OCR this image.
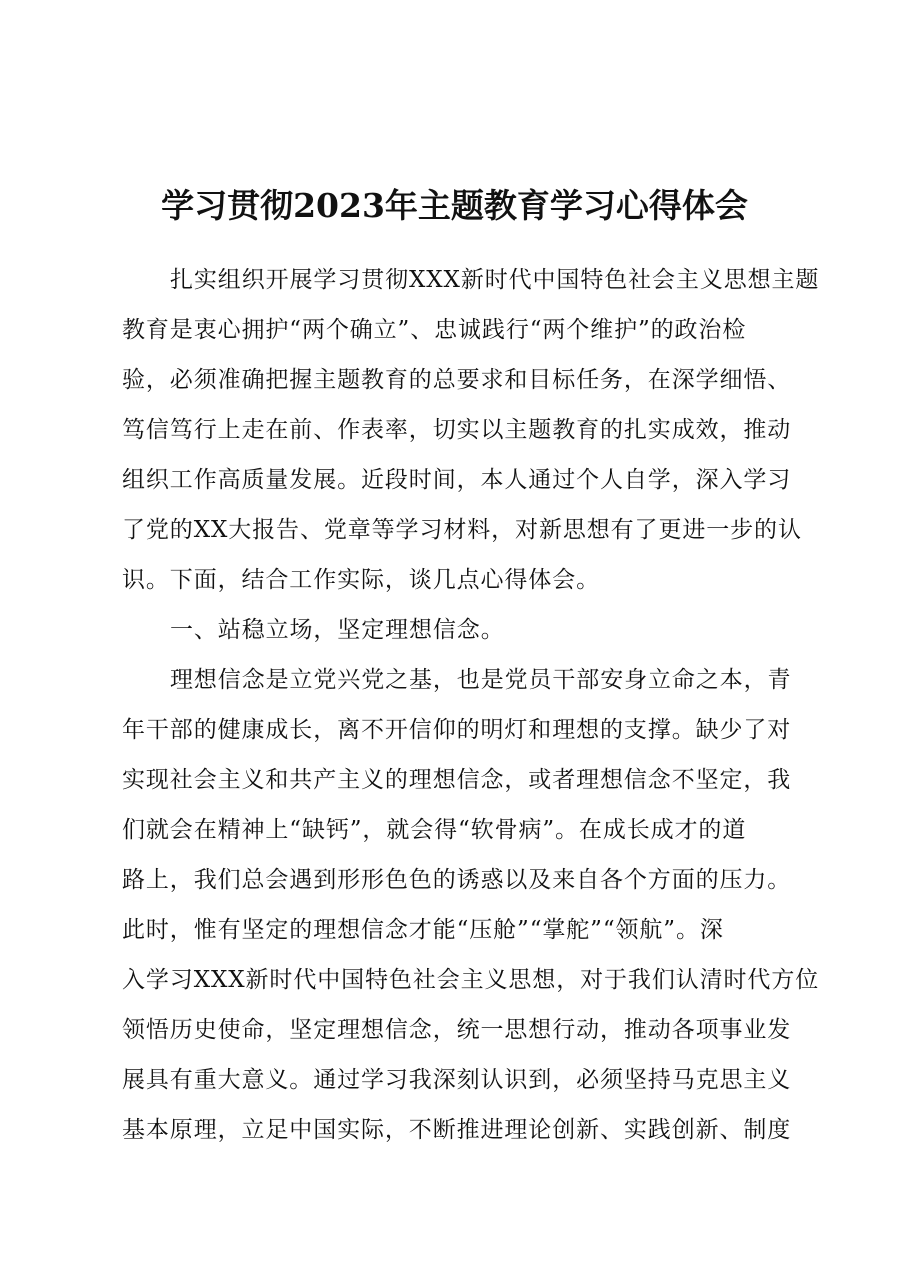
学习贯彻2023年主题教育学习心得体会
扎实组织开展学习贯彻XXX新时代中国特色社会主义思想主题
教育是衷心拥护“两个确立”、忠诚践行“两个维护”的政治检
验，必须准确把握主题教育的总要求和目标任务，在深学细悟、
笃信笃行上走在前、作表率，切实以主题教育的扎实成效，推动
组织工作高质量发展。近段时间，本人通过个人自学，深入学习
了党的XX大报告、党章等学习材料，对新思想有了更进一步的认
识。下面，结合工作实际，谈几点心得体会。
一、站稳立场，坚定理想信念。
理想信念是立党兴党之基，也是党员干部安身立命之本，青
年干部的健康成长，离不开信仰的明灯和理想的支撑。缺少了对
实现社会主义和共产主义的理想信念，或者理想信念不坚定，我
们就会在精神上“缺钙”，就会得“软骨病”。在成长成才的道
路上，我们总会遇到形形色色的诱惑以及来自各个方面的压力。
此时，惟有坚定的理想信念才能“压舱”“掌舵”“领航”。深
入学习XXX新时代中国特色社会主义思想，对于我们认清时代方位
领悟历史使命，坚定理想信念，统一思想行动，推动各项事业发
展具有重大意义。通过学习我深刻认识到，必须坚持马克思主义
基本原理，立足中国实际，不断推进理论创新、实践创新、制度
